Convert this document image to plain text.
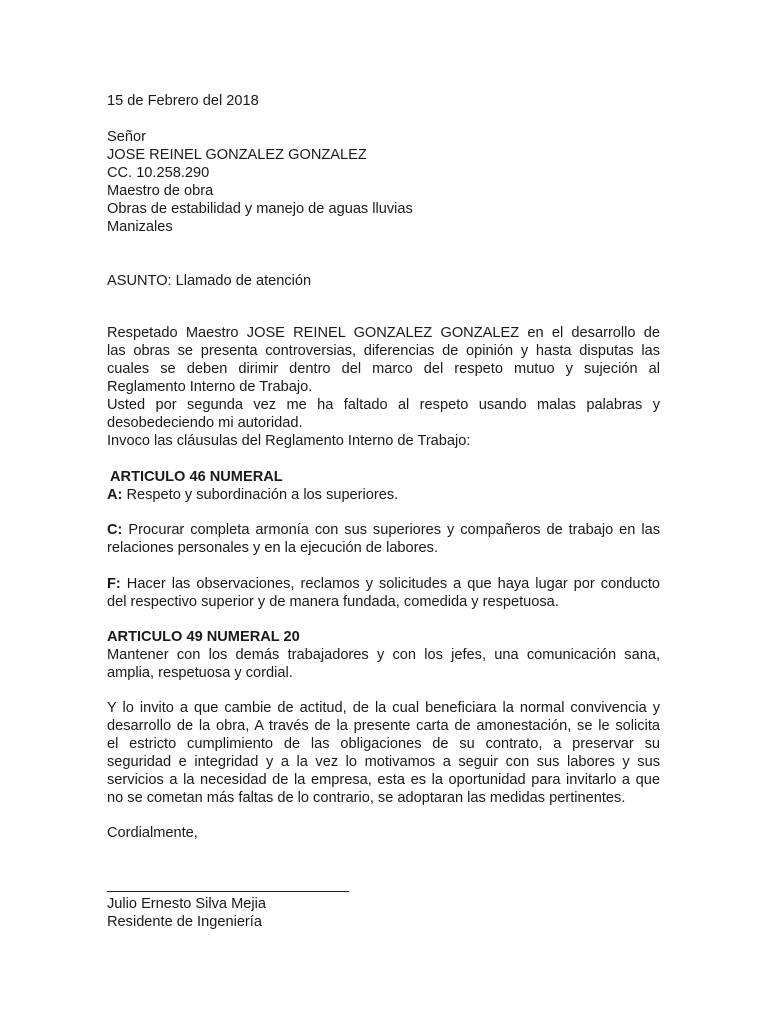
15 de Febrero del 2018
Señor
JOSE REINEL GONZALEZ GONZALEZ
CC. 10.258.290
Maestro de obra
Obras de estabilidad y manejo de aguas lluvias
Manizales
ASUNTO: Llamado de atención
Respetado Maestro JOSE REINEL GONZALEZ GONZALEZ en el desarrollo de
las obras se presenta controversias, diferencias de opinión y hasta disputas las
cuales se deben dirimir dentro del marco del respeto mutuo y sujeción al
Reglamento Interno de Trabajo.
Usted por segunda vez me ha faltado al respeto usando malas palabras y
desobedeciendo mi autoridad.
Invoco las cláusulas del Reglamento Interno de Trabajo:
ARTICULO 46 NUMERAL
A: Respeto y subordinación a los superiores.
C: Procurar completa armonía con sus superiores y compañeros de trabajo en las
relaciones personales y en la ejecución de labores.
F: Hacer las observaciones, reclamos y solicitudes a que haya lugar por conducto
del respectivo superior y de manera fundada, comedida y respetuosa.
ARTICULO 49 NUMERAL 20
Mantener con los demás trabajadores y con los jefes, una comunicación sana,
amplia, respetuosa y cordial.
Y lo invito a que cambie de actitud, de la cual beneficiara la normal convivencia y
desarrollo de la obra, A través de la presente carta de amonestación, se le solicita
el estricto cumplimiento de las obligaciones de su contrato, a preservar su
seguridad e integridad y a la vez lo motivamos a seguir con sus labores y sus
servicios a la necesidad de la empresa, esta es la oportunidad para invitarlo a que
no se cometan más faltas de lo contrario, se adoptaran las medidas pertinentes.
Cordialmente,
Julio Ernesto Silva Mejia
Residente de Ingeniería
